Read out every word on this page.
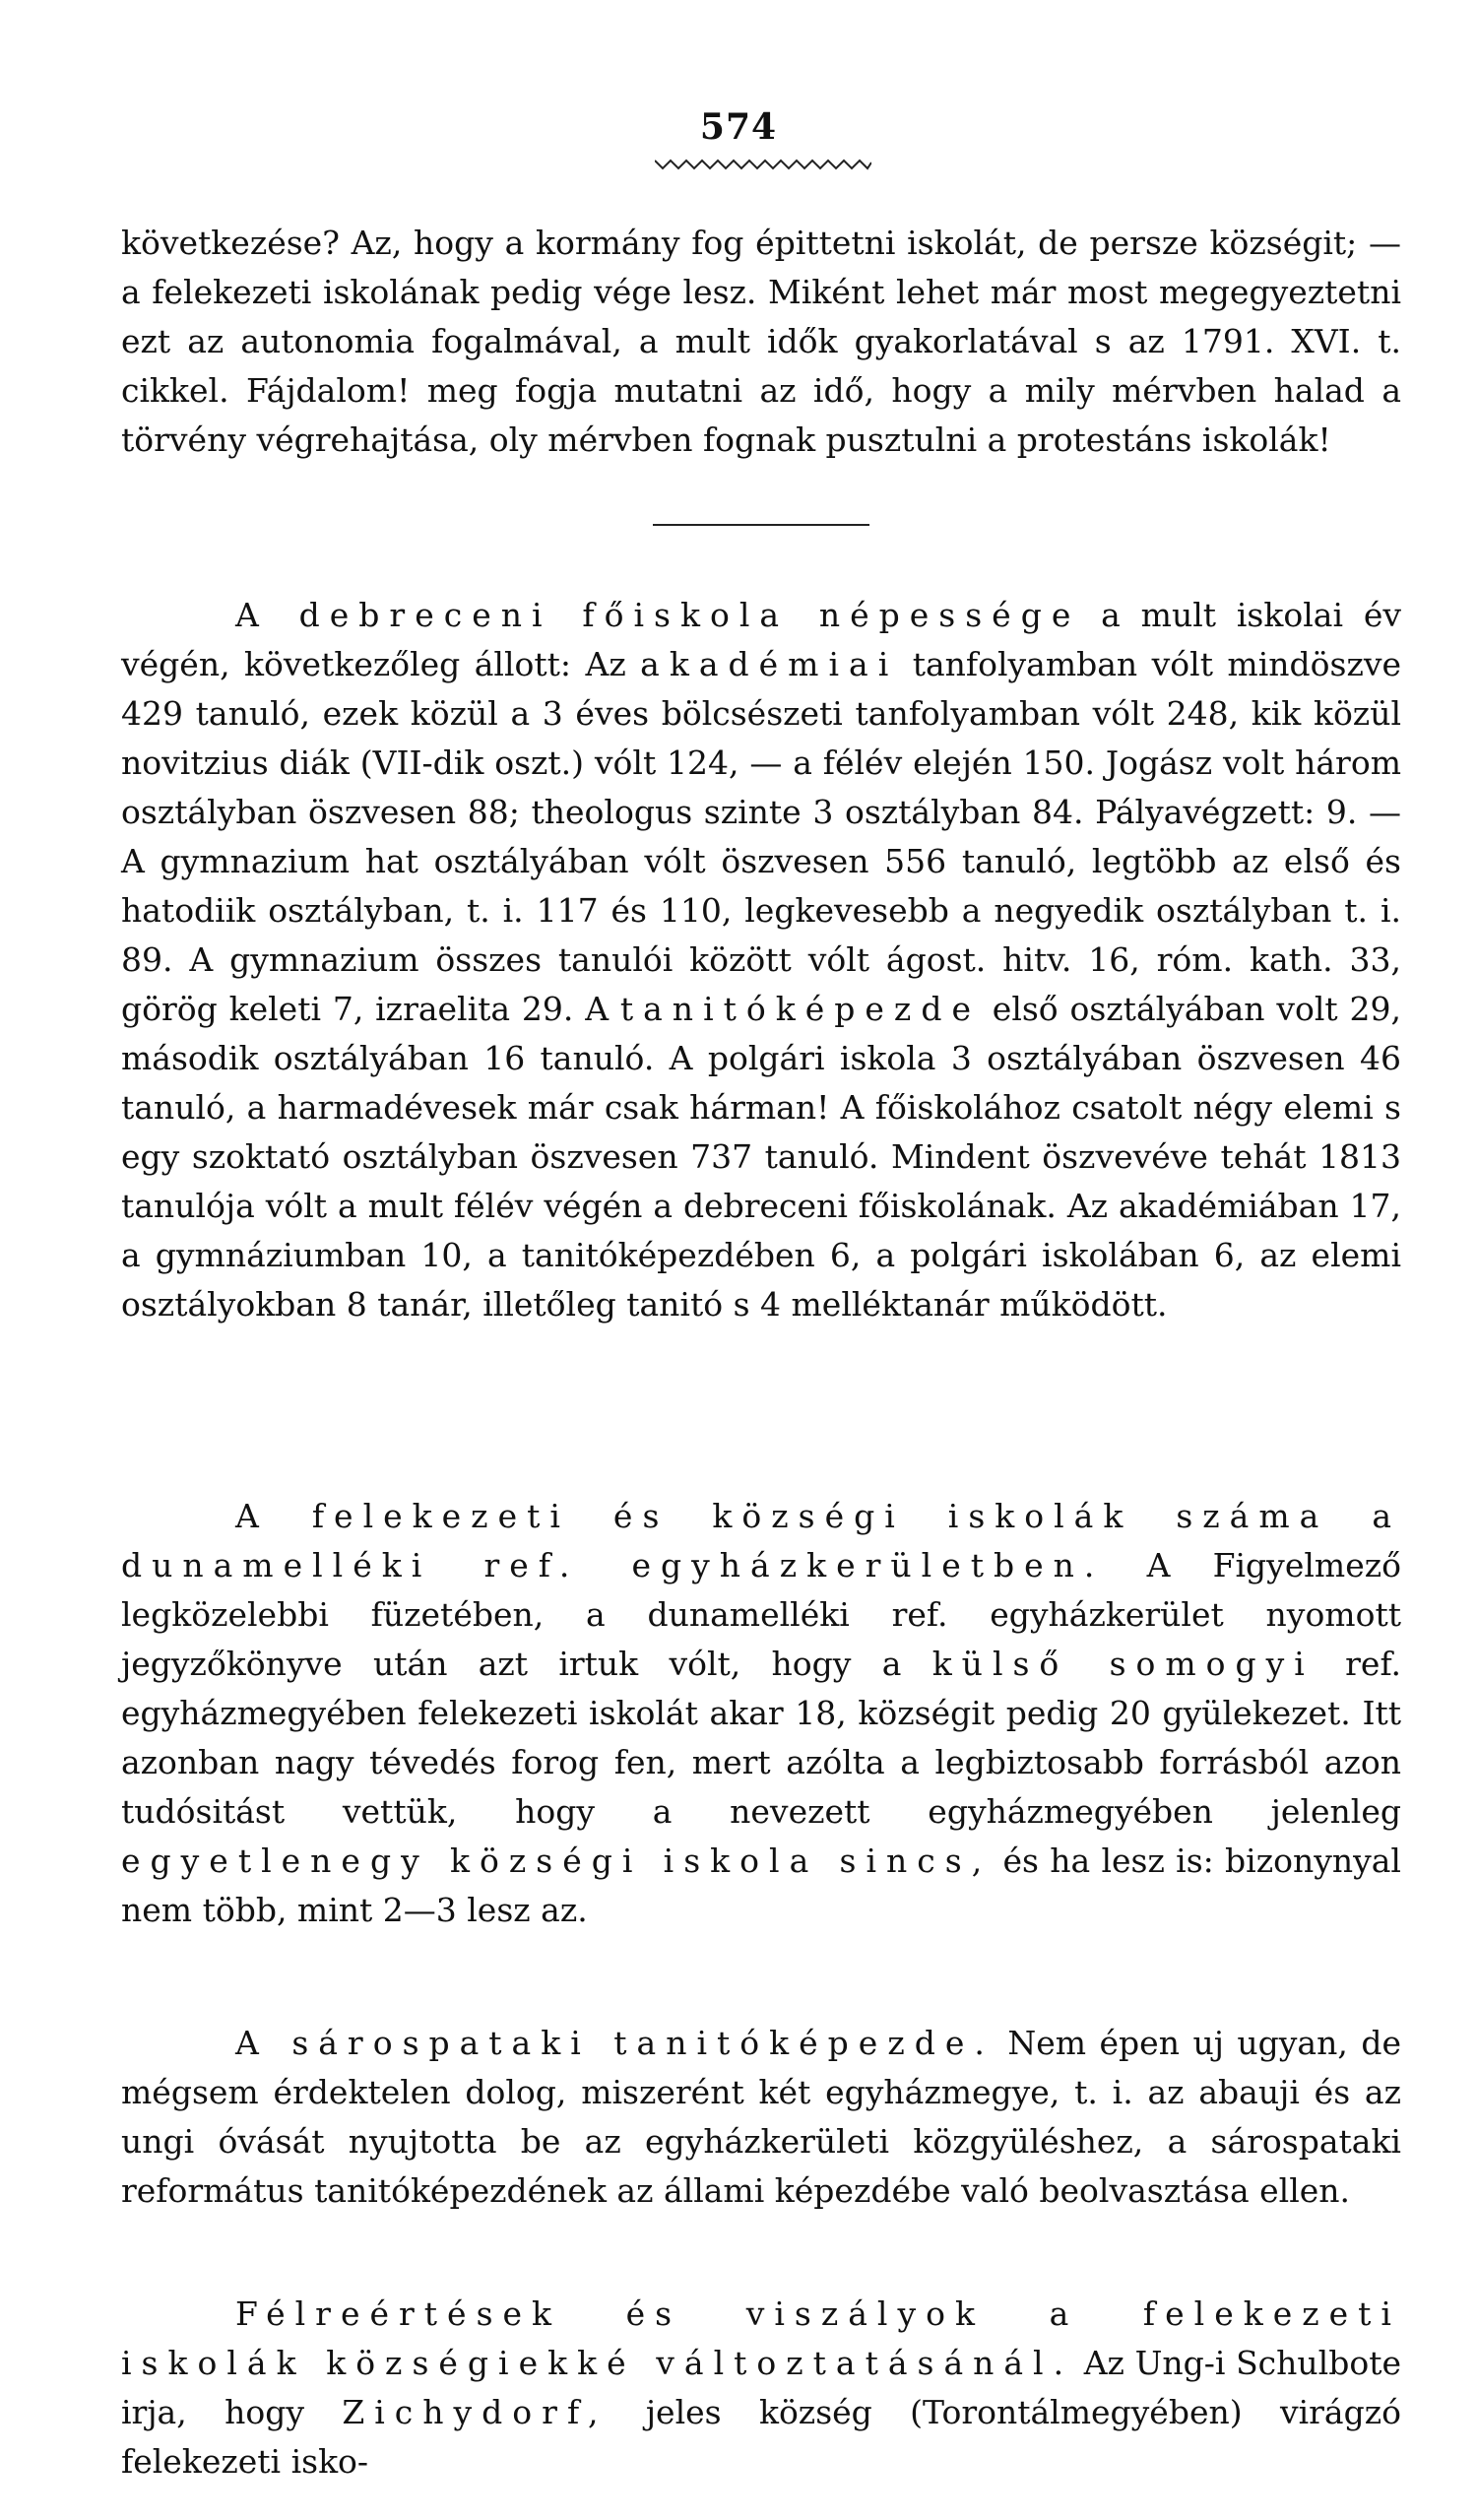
574

következése? Az, hogy a kormány fog épittetni iskolát, de persze községit; — a felekezeti iskolának pedig vége lesz. Miként lehet már most megegyeztetni ezt az autonomia fogalmával, a mult idők gyakorlatával s az 1791. XVI. t. cikkel. Fájdalom! meg fogja mutatni az idő, hogy a mily mérvben halad a törvény végrehajtása, oly mérvben fognak pusztulni a protestáns iskolák!

A debreceni főiskola népessége a mult iskolai év végén, következőleg állott: Az akadémiai tanfolyamban vólt mindöszve 429 tanuló, ezek közül a 3 éves bölcsészeti tanfolyamban vólt 248, kik közül novitzius diák (VII-dik oszt.) vólt 124, — a félév elején 150. Jogász volt három osztályban öszvesen 88; theologus szinte 3 osztályban 84. Pályavégzett: 9. — A gymnazium hat osztályában vólt öszvesen 556 tanuló, legtöbb az első és hatodiik osztályban, t. i. 117 és 110, legkevesebb a negyedik osztályban t. i. 89. A gymnazium összes tanulói között vólt ágost. hitv. 16, róm. kath. 33, görög keleti 7, izraelita 29. A tanitóképezde első osztályában volt 29, második osztályában 16 tanuló. A polgári iskola 3 osztályában öszvesen 46 tanuló, a harmadévesek már csak hárman! A főiskolához csatolt négy elemi s egy szoktató osztályban öszvesen 737 tanuló. Mindent öszvevéve tehát 1813 tanulója vólt a mult félév végén a debreceni főiskolának. Az akadémiában 17, a gymnáziumban 10, a tanitóképezdében 6, a polgári iskolában 6, az elemi osztályokban 8 tanár, illetőleg tanitó s 4 melléktanár működött.

A felekezeti és községi iskolák száma a dunamelléki ref. egyházkerületben. A Figyelmező legközelebbi füzetében, a dunamelléki ref. egyházkerület nyomott jegyzőkönyve után azt irtuk vólt, hogy a külső somogyi ref. egyházmegyében felekezeti iskolát akar 18, községit pedig 20 gyülekezet. Itt azonban nagy tévedés forog fen, mert azólta a legbiztosabb forrásból azon tudósitást vettük, hogy a nevezett egyházmegyében jelenleg egyetlenegy községi iskola sincs, és ha lesz is: bizonynyal nem több, mint 2—3 lesz az.

A sárospataki tanitóképezde. Nem épen uj ugyan, de mégsem érdektelen dolog, miszerént két egyházmegye, t. i. az abauji és az ungi óvását nyujtotta be az egyházkerületi közgyüléshez, a sárospataki református tanitóképezdének az állami képezdébe való beolvasztása ellen.

Félreértések és viszályok a felekezeti iskolák községiekké változtatásánál. Az Ung-i Schulbote irja, hogy Zichydorf, jeles község (Torontálmegyében) virágzó felekezeti isko-
